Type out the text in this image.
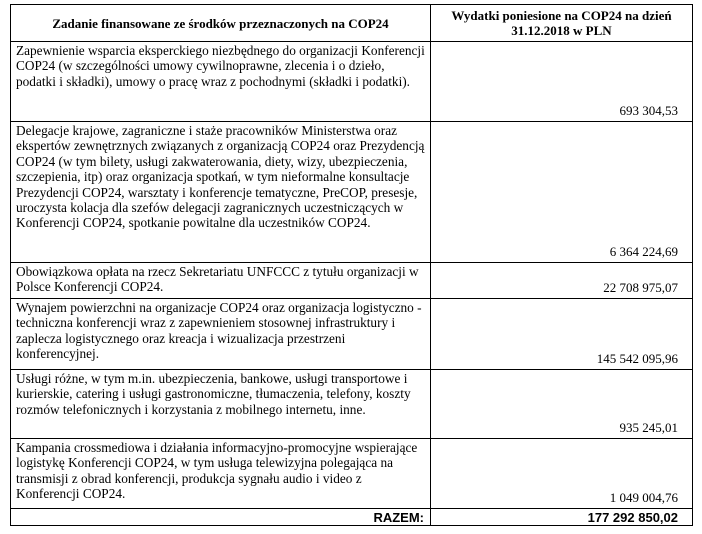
Zadanie finansowane ze środków przeznaczonych na COP24	Wydatki poniesione na COP24 na dzień 31.12.2018 w PLN
Zapewnienie wsparcia eksperckiego niezbędnego do organizacji Konferencji COP24 (w szczególności umowy cywilnoprawne, zlecenia i o dzieło, podatki i składki), umowy o pracę wraz z pochodnymi (składki i podatki).	693 304,53
Delegacje krajowe, zagraniczne i staże pracowników Ministerstwa oraz ekspertów zewnętrznych związanych z organizacją COP24 oraz Prezydencją COP24 (w tym bilety, usługi zakwaterowania, diety, wizy, ubezpieczenia, szczepienia, itp) oraz organizacja spotkań, w tym nieformalne konsultacje Prezydencji COP24, warsztaty i konferencje tematyczne, PreCOP, presesje, uroczysta kolacja dla szefów delegacji zagranicznych uczestniczących w Konferencji COP24, spotkanie powitalne dla uczestników COP24.	6 364 224,69
Obowiązkowa opłata na rzecz Sekretariatu UNFCCC z tytułu organizacji w Polsce Konferencji COP24.	22 708 975,07
Wynajem powierzchni na organizacje COP24 oraz organizacja logistyczno - techniczna konferencji wraz z zapewnieniem stosownej infrastruktury i zaplecza logistycznego oraz kreacja i wizualizacja przestrzeni konferencyjnej.	145 542 095,96
Usługi różne, w tym m.in. ubezpieczenia, bankowe, usługi transportowe i kurierskie, catering i usługi gastronomiczne, tłumaczenia, telefony, koszty rozmów telefonicznych i korzystania z mobilnego internetu, inne.	935 245,01
Kampania crossmediowa i działania informacyjno-promocyjne wspierające logistykę Konferencji COP24, w tym usługa telewizyjna polegająca na transmisji z obrad konferencji, produkcja sygnału audio i video z Konferencji COP24.	1 049 004,76
RAZEM:	177 292 850,02
